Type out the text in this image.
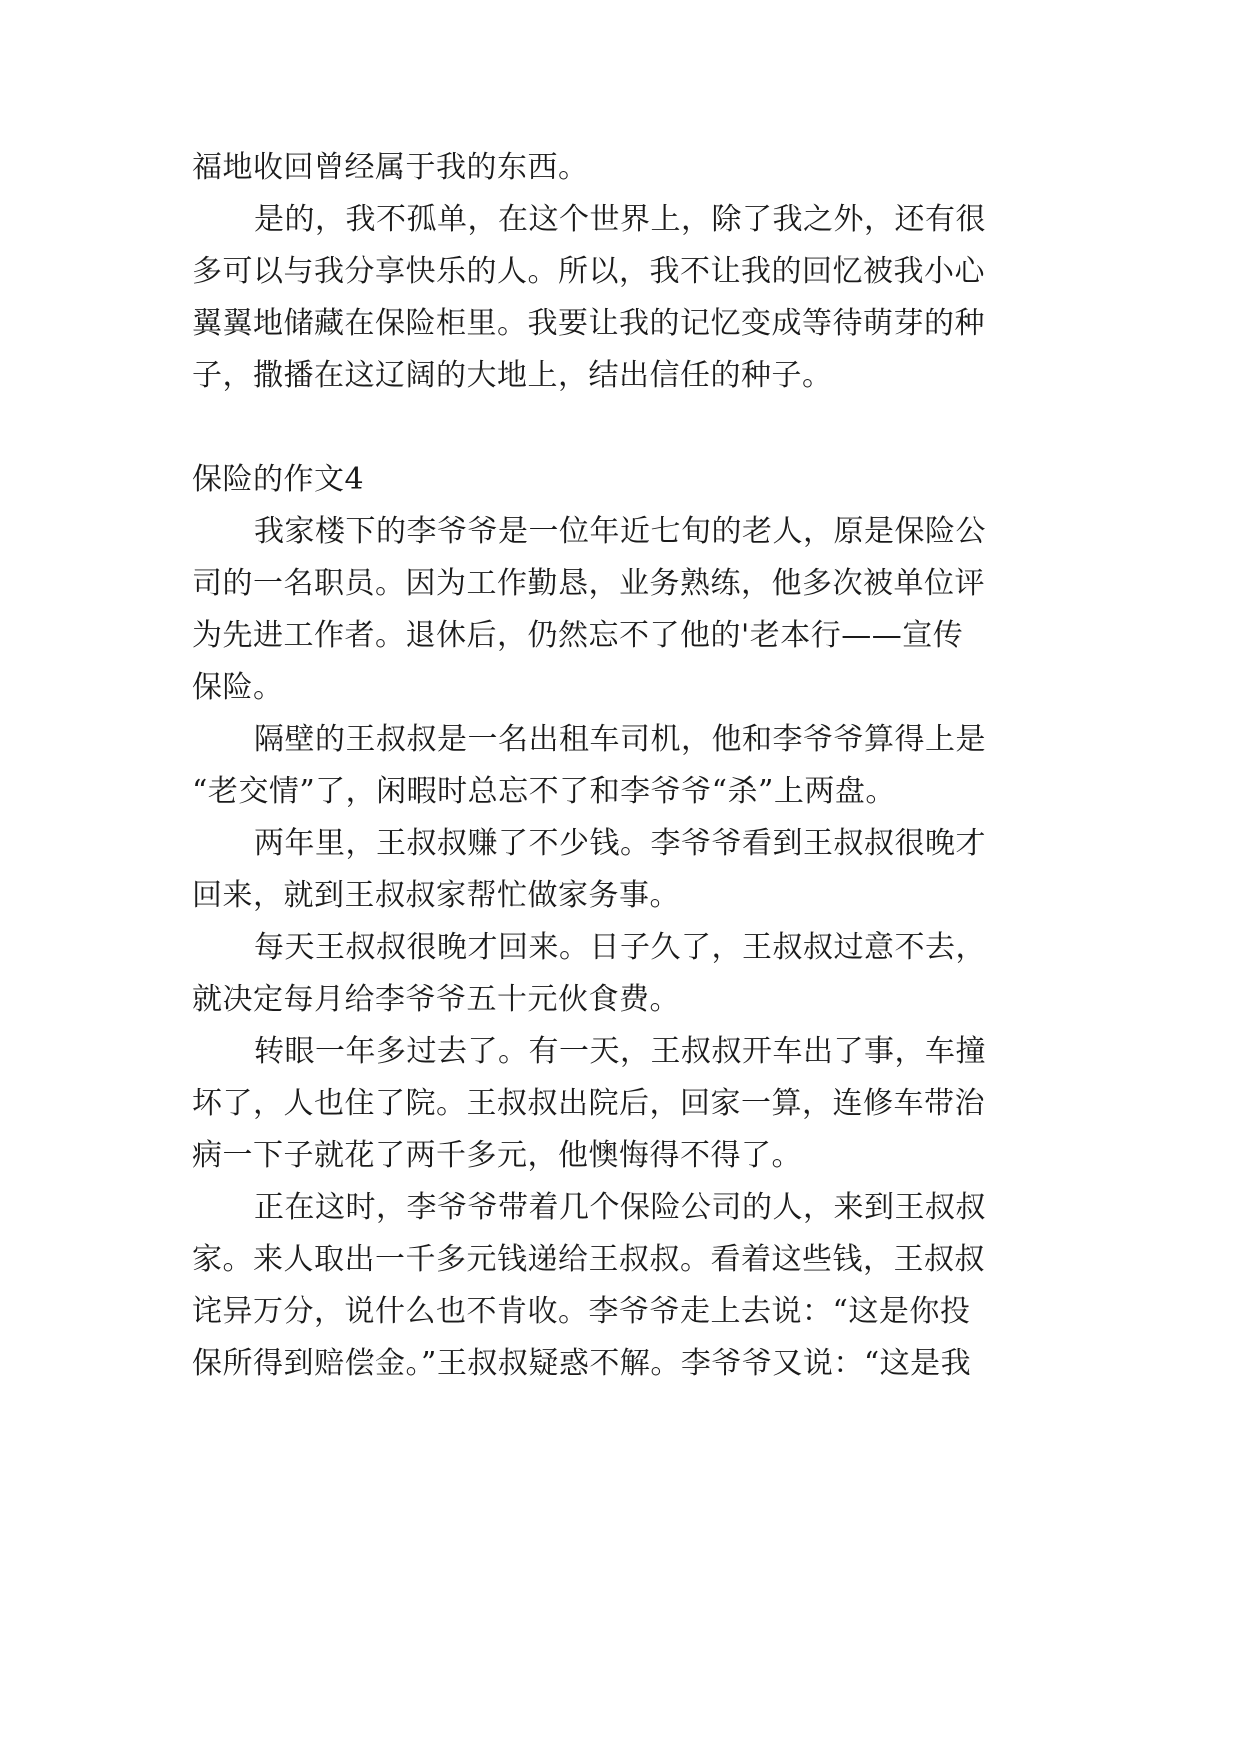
福地收回曾经属于我的东西。

是的，我不孤单，在这个世界上，除了我之外，还有很

多可以与我分享快乐的人。所以，我不让我的回忆被我小心

翼翼地储藏在保险柜里。我要让我的记忆变成等待萌芽的种

子，撒播在这辽阔的大地上，结出信任的种子。

保险的作文4

我家楼下的李爷爷是一位年近七旬的老人，原是保险公

司的一名职员。因为工作勤恳，业务熟练，他多次被单位评

为先进工作者。退休后，仍然忘不了他的'老本行——宣传

保险。

隔壁的王叔叔是一名出租车司机，他和李爷爷算得上是

“老交情”了，闲暇时总忘不了和李爷爷“杀”上两盘。

两年里，王叔叔赚了不少钱。李爷爷看到王叔叔很晚才

回来，就到王叔叔家帮忙做家务事。

每天王叔叔很晚才回来。日子久了，王叔叔过意不去，

就决定每月给李爷爷五十元伙食费。

转眼一年多过去了。有一天，王叔叔开车出了事，车撞

坏了，人也住了院。王叔叔出院后，回家一算，连修车带治

病一下子就花了两千多元，他懊悔得不得了。

正在这时，李爷爷带着几个保险公司的人，来到王叔叔

家。来人取出一千多元钱递给王叔叔。看着这些钱，王叔叔

诧异万分，说什么也不肯收。李爷爷走上去说：“这是你投

保所得到赔偿金。”王叔叔疑惑不解。李爷爷又说：“这是我
